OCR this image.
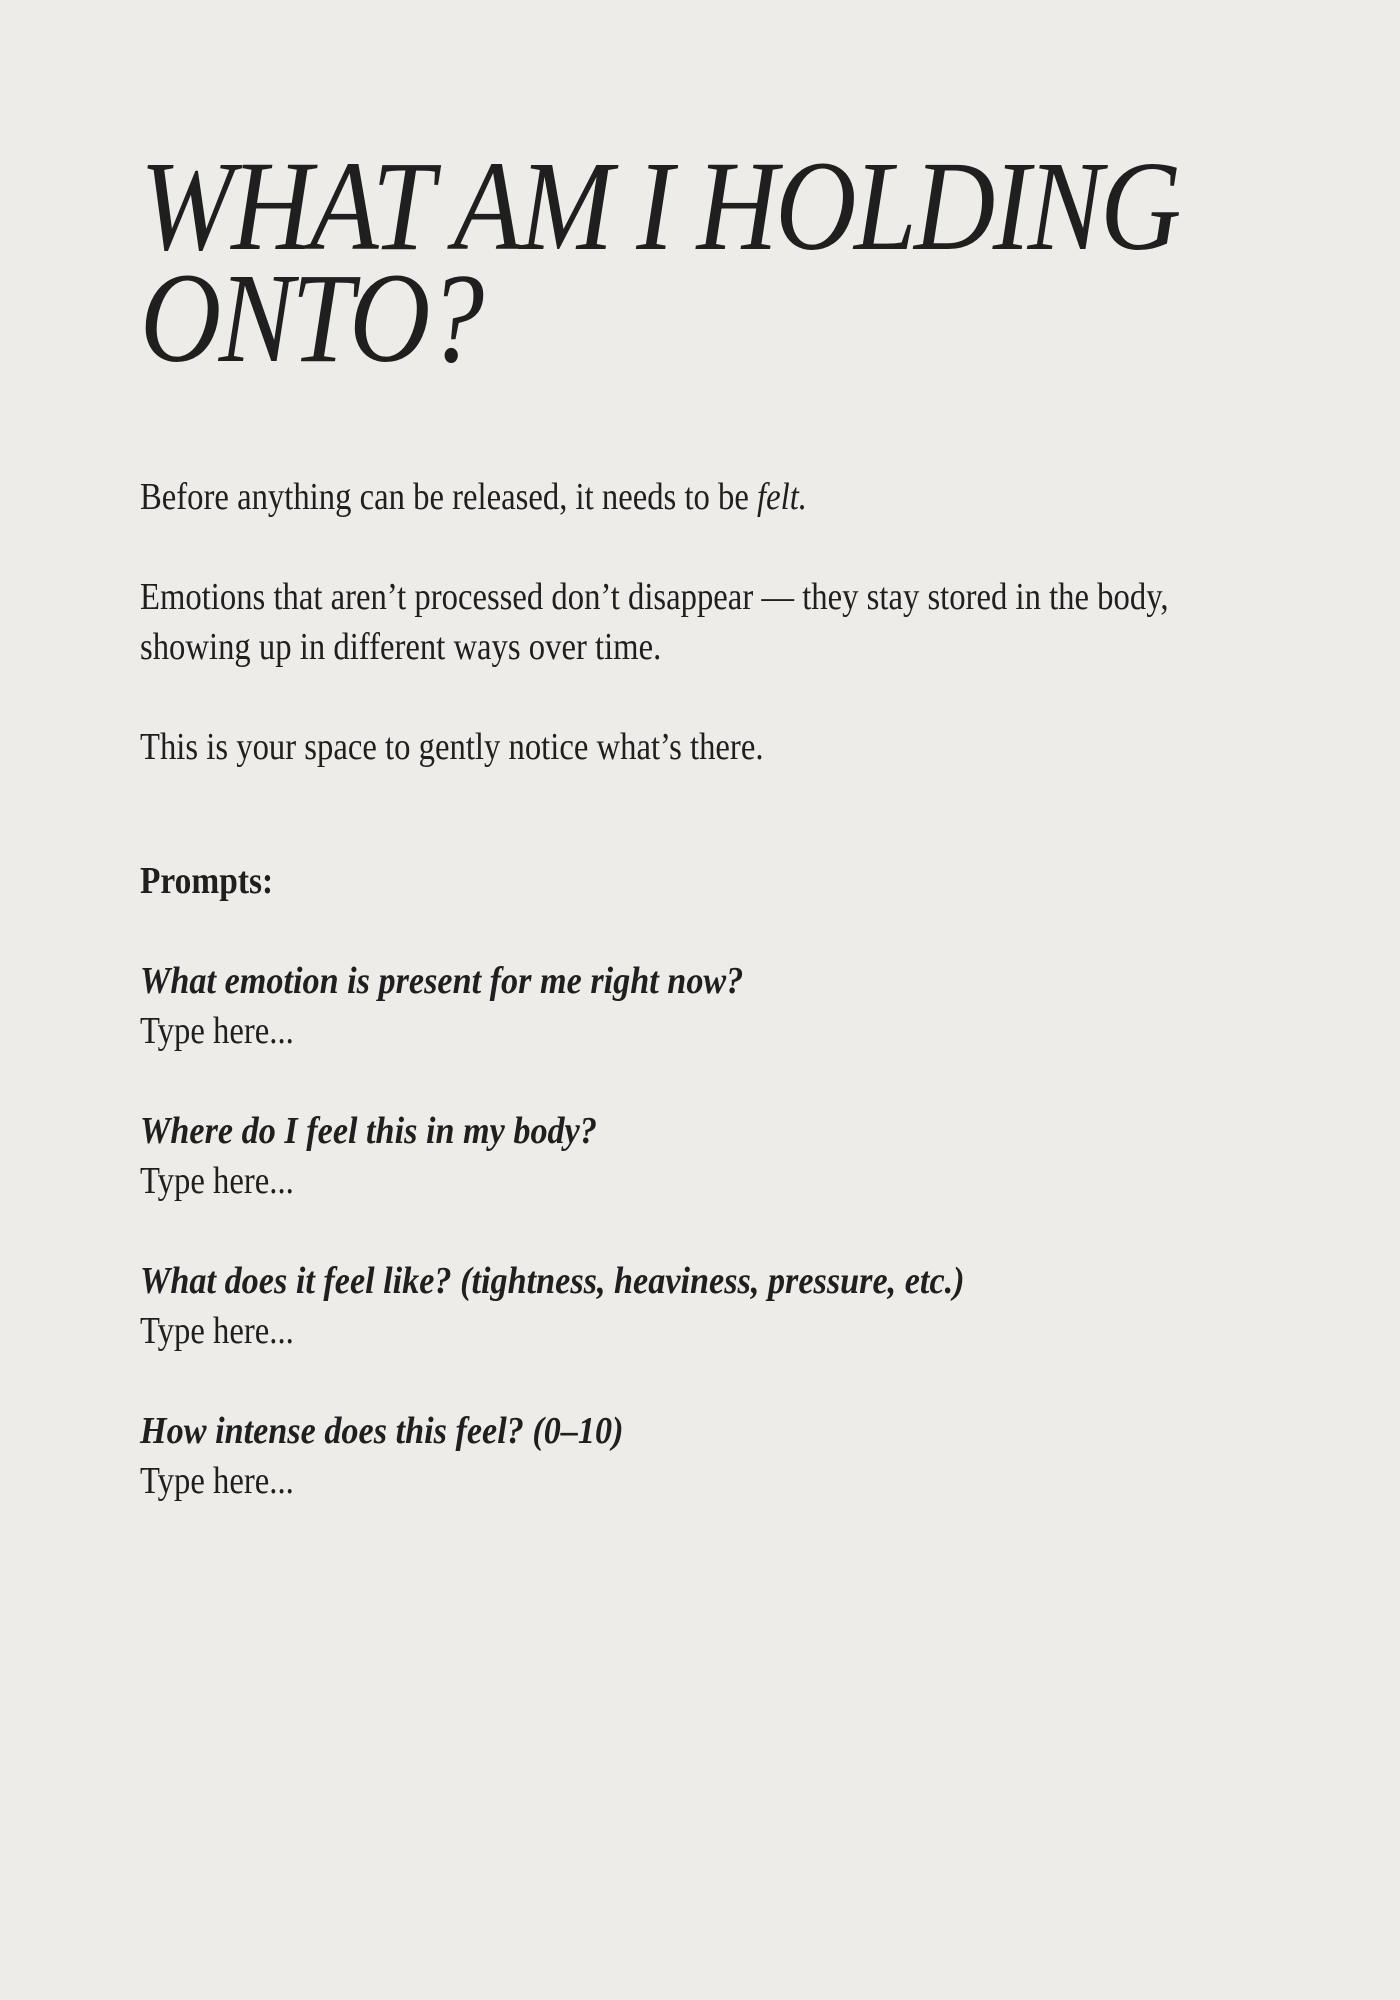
WHAT AM I HOLDING ONTO?

Before anything can be released, it needs to be felt.

Emotions that aren’t processed don’t disappear — they stay stored in the body, showing up in different ways over time.

This is your space to gently notice what’s there.

Prompts:
What emotion is present for me right now?
Type here...
Where do I feel this in my body?
Type here...
What does it feel like? (tightness, heaviness, pressure, etc.)
Type here...
How intense does this feel? (0–10)
Type here...
